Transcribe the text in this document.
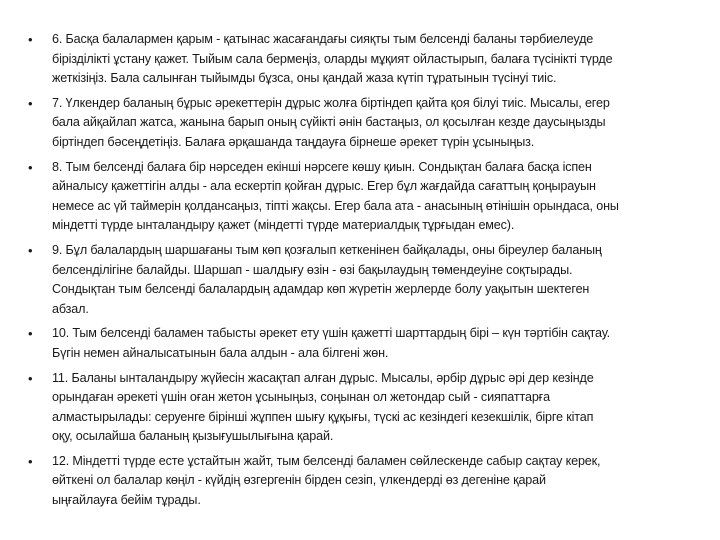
• 6. Басқа балалармен қарым - қатынас жасағандағы сияқты тым белсенді баланы тәрбиелеуде
бірізділікті ұстану қажет. Тыйым сала бермеңіз, оларды мұқият ойластырып, балаға түсінікті түрде
жеткізіңіз. Бала салынған тыйымды бұзса, оны қандай жаза күтіп тұратынын түсінуі тиіс.
• 7. Үлкендер баланың бұрыс әрекеттерін дұрыс жолға біртіндеп қайта қоя білуі тиіс. Мысалы, егер
бала айқайлап жатса, жанына барып оның сүйікті әнін бастаңыз, ол қосылған кезде даусыңызды
біртіндеп бәсеңдетіңіз. Балаға әрқашанда таңдауға бірнеше әрекет түрін ұсыныңыз.
• 8. Тым белсенді балаға бір нәрседен екінші нәрсеге көшу қиын. Сондықтан балаға басқа іспен
айналысу қажеттігін алды - ала ескертіп қойған дұрыс. Егер бұл жағдайда сағаттың қоңырауын
немесе ас үй таймерін қолдансаңыз, тіпті жақсы. Егер бала ата - анасының өтінішін орындаса, оны
міндетті түрде ынталандыру қажет (міндетті түрде материалдық тұрғыдан емес).
• 9. Бұл балалардың шаршағаны тым көп қозғалып кеткенінен байқалады, оны біреулер баланың
белсенділігіне балайды. Шаршап - шалдығу өзін - өзі бақылаудың төмендеуіне соқтырады.
Сондықтан тым белсенді балалардың адамдар көп жүретін жерлерде болу уақытын шектеген
абзал.
• 10. Тым белсенді баламен табысты әрекет ету үшін қажетті шарттардың бірі – күн тәртібін сақтау.
Бүгін немен айналысатынын бала алдын - ала білгені жөн.
• 11. Баланы ынталандыру жүйесін жасақтап алған дұрыс. Мысалы, әрбір дұрыс әрі дер кезінде
орындаған әрекеті үшін оған жетон ұсыныңыз, соңынан ол жетондар сый - сияпаттарға
алмастырылады: серуенге бірінші жұппен шығу құқығы, түскі ас кезіндегі кезекшілік, бірге кітап
оқу, осылайша баланың қызығушылығына қарай.
• 12. Міндетті түрде есте ұстайтын жайт, тым белсенді баламен сөйлескенде сабыр сақтау керек,
өйткені ол балалар көңіл - күйдің өзгергенін бірден сезіп, үлкендерді өз дегеніне қарай
ыңғайлауға бейім тұрады.
